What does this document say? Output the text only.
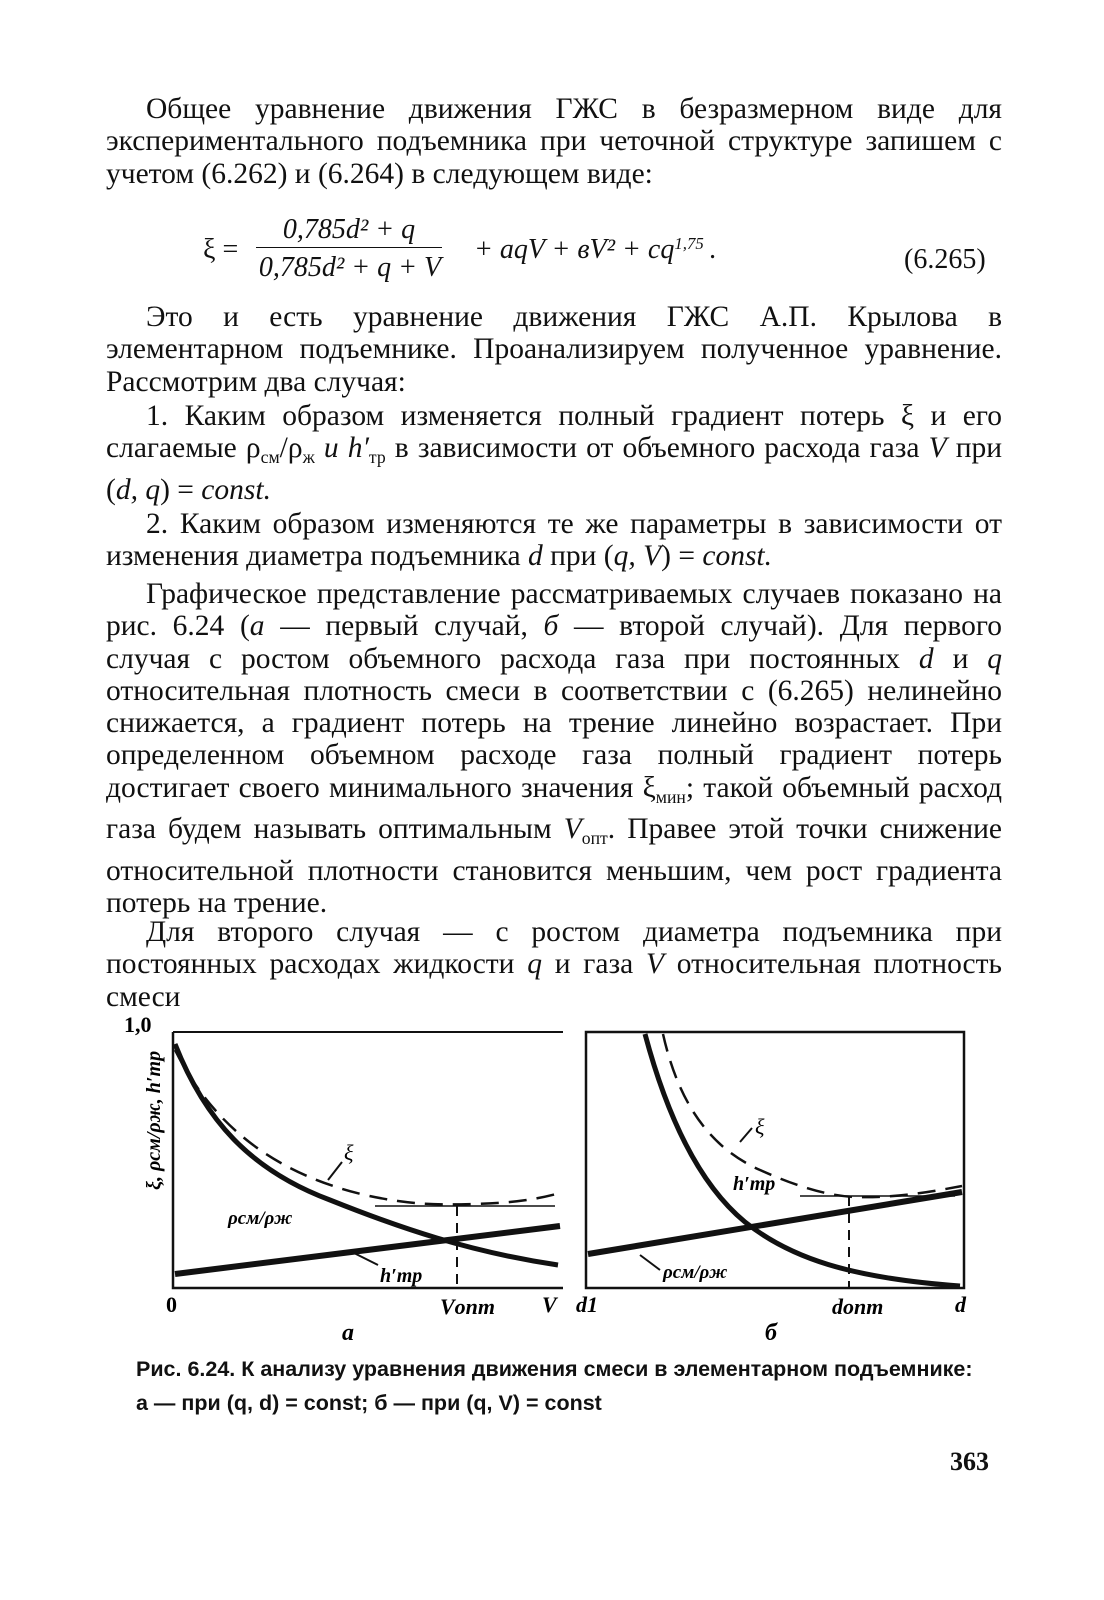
Общее уравнение движения ГЖС в безразмерном виде для экспериментального подъемника при четочной структуре запишем с учетом (6.262) и (6.264) в следующем виде:

ξ =
0,785d² + q
0,785d² + q + V
+ aqV + вV² + cq$^{1,75}$ .	(6.265)

Это и есть уравнение движения ГЖС А.П. Крылова в элементарном подъемнике. Проанализируем полученное уравнение. Рассмотрим два случая:

1. Каким образом изменяется полный градиент потерь ξ и его слагаемые $\rho_{см}/\rho_ж$ и $h'_{тр}$ в зависимости от объемного расхода газа V при (d, q) = const.

2. Каким образом изменяются те же параметры в зависимости от изменения диаметра подъемника d при (q, V) = const.

Графическое представление рассматриваемых случаев показано на рис. 6.24 (а — первый случай, б — второй случай). Для первого случая с ростом объемного расхода газа при постоянных d и q относительная плотность смеси в соответствии с (6.265) нелинейно снижается, а градиент потерь на трение линейно возрастает. При определенном объемном расходе газа полный градиент потерь достигает своего минимального значения $\xi_{мин}$; такой объемный расход газа будем называть оптимальным $V_{опт}$. Правее этой точки снижение относительной плотности становится меньшим, чем рост градиента потерь на трение.

Для второго случая — с ростом диаметра подъемника при постоянных расходах жидкости q и газа V относительная плотность смеси

1,0
ξ, ρсм/ρж, h′тр	ξ
ρсм/ρж
h′тр
0	Vопт V
ξ
h′тр
ρсм/ρж
d1	dопт	d
а	б
Рис. 6.24. К анализу уравнения движения смеси в элементарном подъемнике:
а — при (q, d) = const; б — при (q, V) = const
363
